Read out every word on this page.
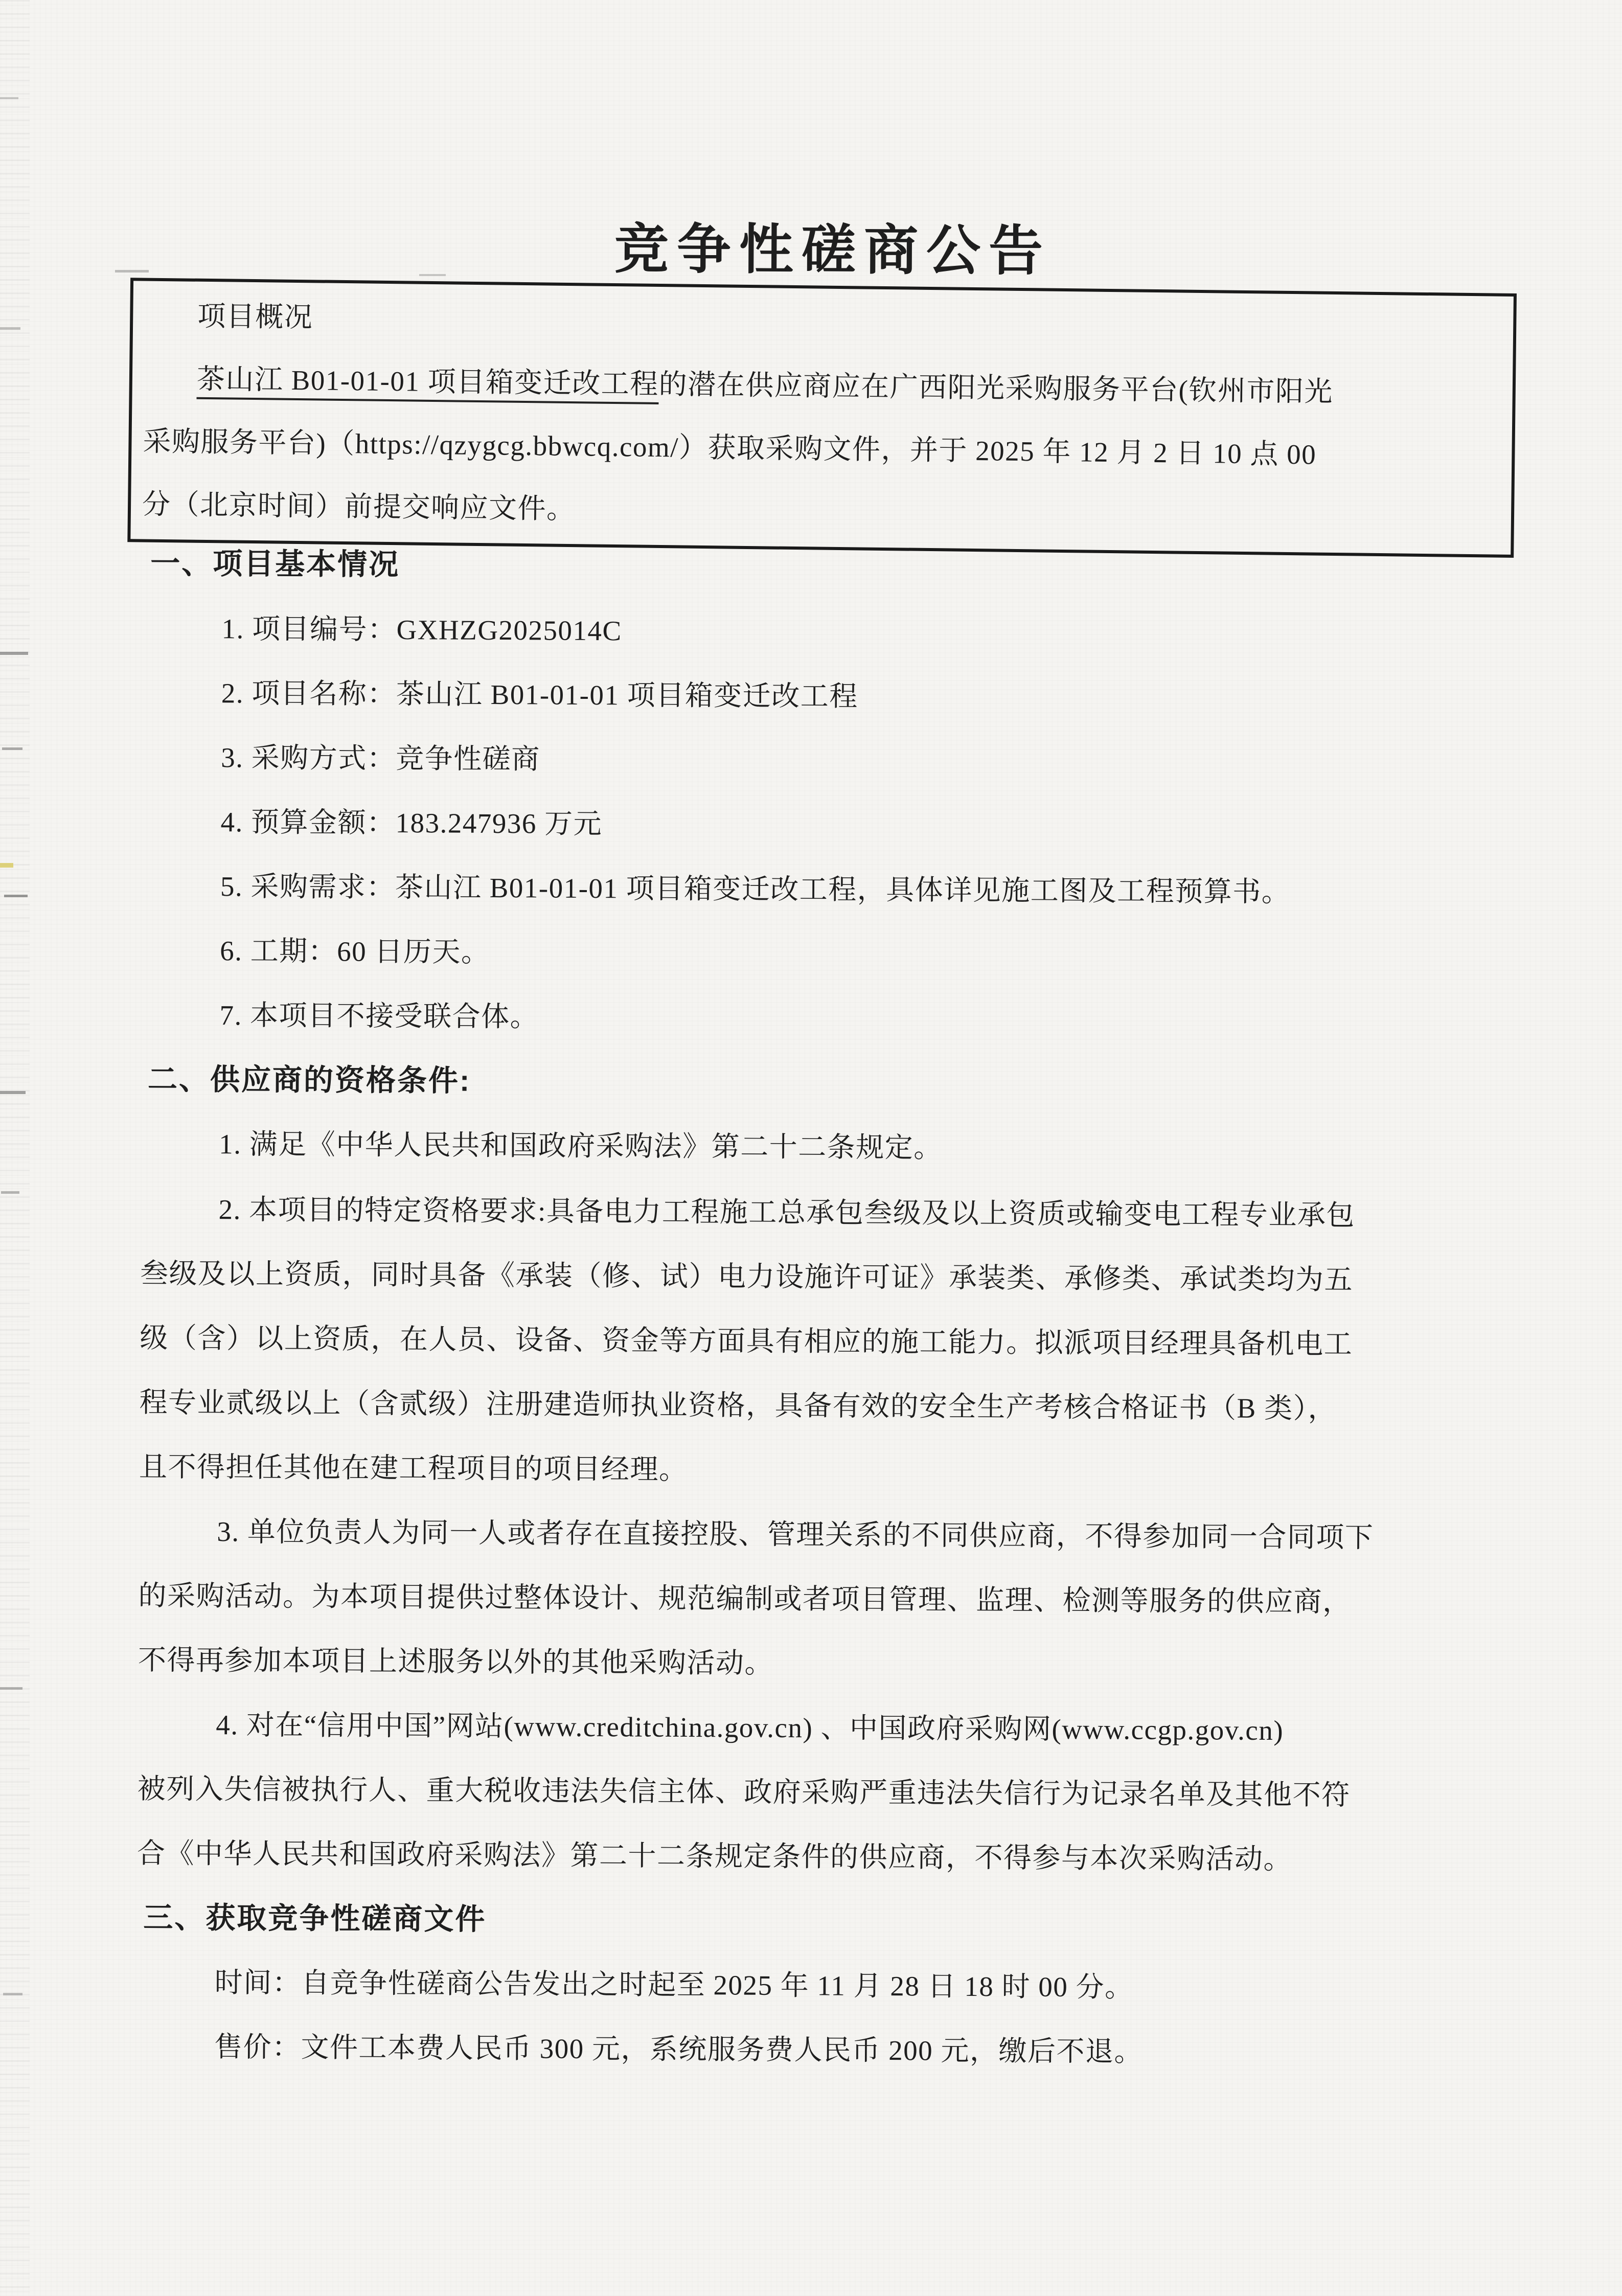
竞争性磋商公告
项目概况
茶山江 B01-01-01 项目箱变迁改工程的潜在供应商应在广西阳光采购服务平台(钦州市阳光
采购服务平台)（https://qzygcg.bbwcq.com/）获取采购文件，并于 2025 年 12 月 2 日 10 点 00
分（北京时间）前提交响应文件。
一、项目基本情况
1. 项目编号：GXHZG2025014C
2. 项目名称：茶山江 B01-01-01 项目箱变迁改工程
3. 采购方式：竞争性磋商
4. 预算金额：183.247936 万元
5. 采购需求：茶山江 B01-01-01 项目箱变迁改工程，具体详见施工图及工程预算书。
6. 工期：60 日历天。
7. 本项目不接受联合体。
二、供应商的资格条件:
1. 满足《中华人民共和国政府采购法》第二十二条规定。
2. 本项目的特定资格要求:具备电力工程施工总承包叁级及以上资质或输变电工程专业承包
叁级及以上资质，同时具备《承装（修、试）电力设施许可证》承装类、承修类、承试类均为五
级（含）以上资质，在人员、设备、资金等方面具有相应的施工能力。拟派项目经理具备机电工
程专业贰级以上（含贰级）注册建造师执业资格，具备有效的安全生产考核合格证书（B 类），
且不得担任其他在建工程项目的项目经理。
3. 单位负责人为同一人或者存在直接控股、管理关系的不同供应商，不得参加同一合同项下
的采购活动。为本项目提供过整体设计、规范编制或者项目管理、监理、检测等服务的供应商，
不得再参加本项目上述服务以外的其他采购活动。
4. 对在“信用中国”网站(www.creditchina.gov.cn) 、中国政府采购网(www.ccgp.gov.cn)
被列入失信被执行人、重大税收违法失信主体、政府采购严重违法失信行为记录名单及其他不符
合《中华人民共和国政府采购法》第二十二条规定条件的供应商，不得参与本次采购活动。
三、获取竞争性磋商文件
时间：自竞争性磋商公告发出之时起至 2025 年 11 月 28 日 18 时 00 分。
售价：文件工本费人民币 300 元，系统服务费人民币 200 元，缴后不退。
